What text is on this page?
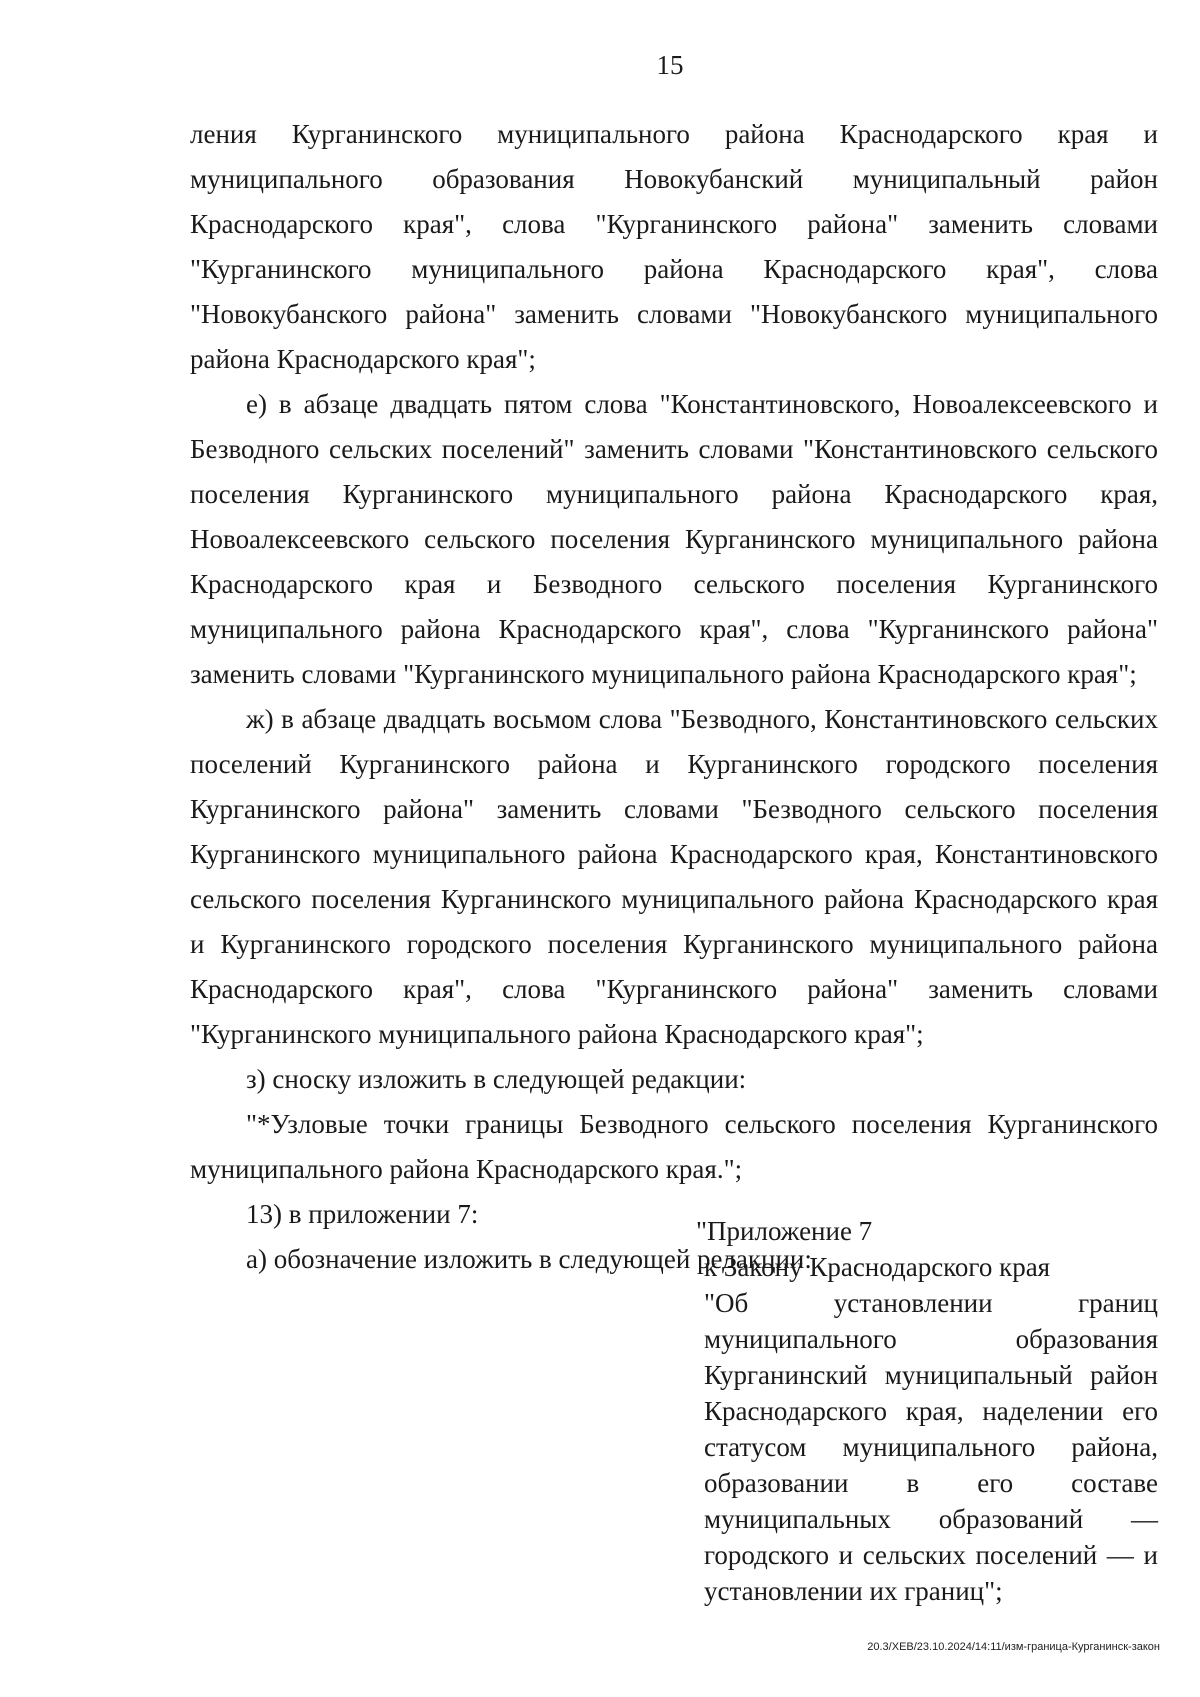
15

ления Курганинского муниципального района Краснодарского края и муниципального образования Новокубанский муниципальный район Краснодарского края", слова "Курганинского района" заменить словами "Курганинского муниципального района Краснодарского края", слова "Новокубанского района" заменить словами "Новокубанского муниципального района Краснодарского края";

е) в абзаце двадцать пятом слова "Константиновского, Новоалексеевского и Безводного сельских поселений" заменить словами "Константиновского сельского поселения Курганинского муниципального района Краснодарского края, Новоалексеевского сельского поселения Курганинского муниципального района Краснодарского края и Безводного сельского поселения Курганинского муниципального района Краснодарского края", слова "Курганинского района" заменить словами "Курганинского муниципального района Краснодарского края";

ж) в абзаце двадцать восьмом слова "Безводного, Константиновского сельских поселений Курганинского района и Курганинского городского поселения Курганинского района" заменить словами "Безводного сельского поселения Курганинского муниципального района Краснодарского края, Константиновского сельского поселения Курганинского муниципального района Краснодарского края и Курганинского городского поселения Курганинского муниципального района Краснодарского края", слова "Курганинского района" заменить словами "Курганинского муниципального района Краснодарского края";

з) сноску изложить в следующей редакции:

"*Узловые точки границы Безводного сельского поселения Курганинского муниципального района Краснодарского края.";

13) в приложении 7:

а) обозначение изложить в следующей редакции:

"Приложение 7

к Закону Краснодарского края

"Об установлении границ муниципального образования Курганинский муниципальный район Краснодарского края, наделении его статусом муниципального района, образовании в его составе муниципальных образований — городского и сельских поселений — и установлении их границ";

20.3/ХЕВ/23.10.2024/14:11/изм-граница-Курганинск-закон
